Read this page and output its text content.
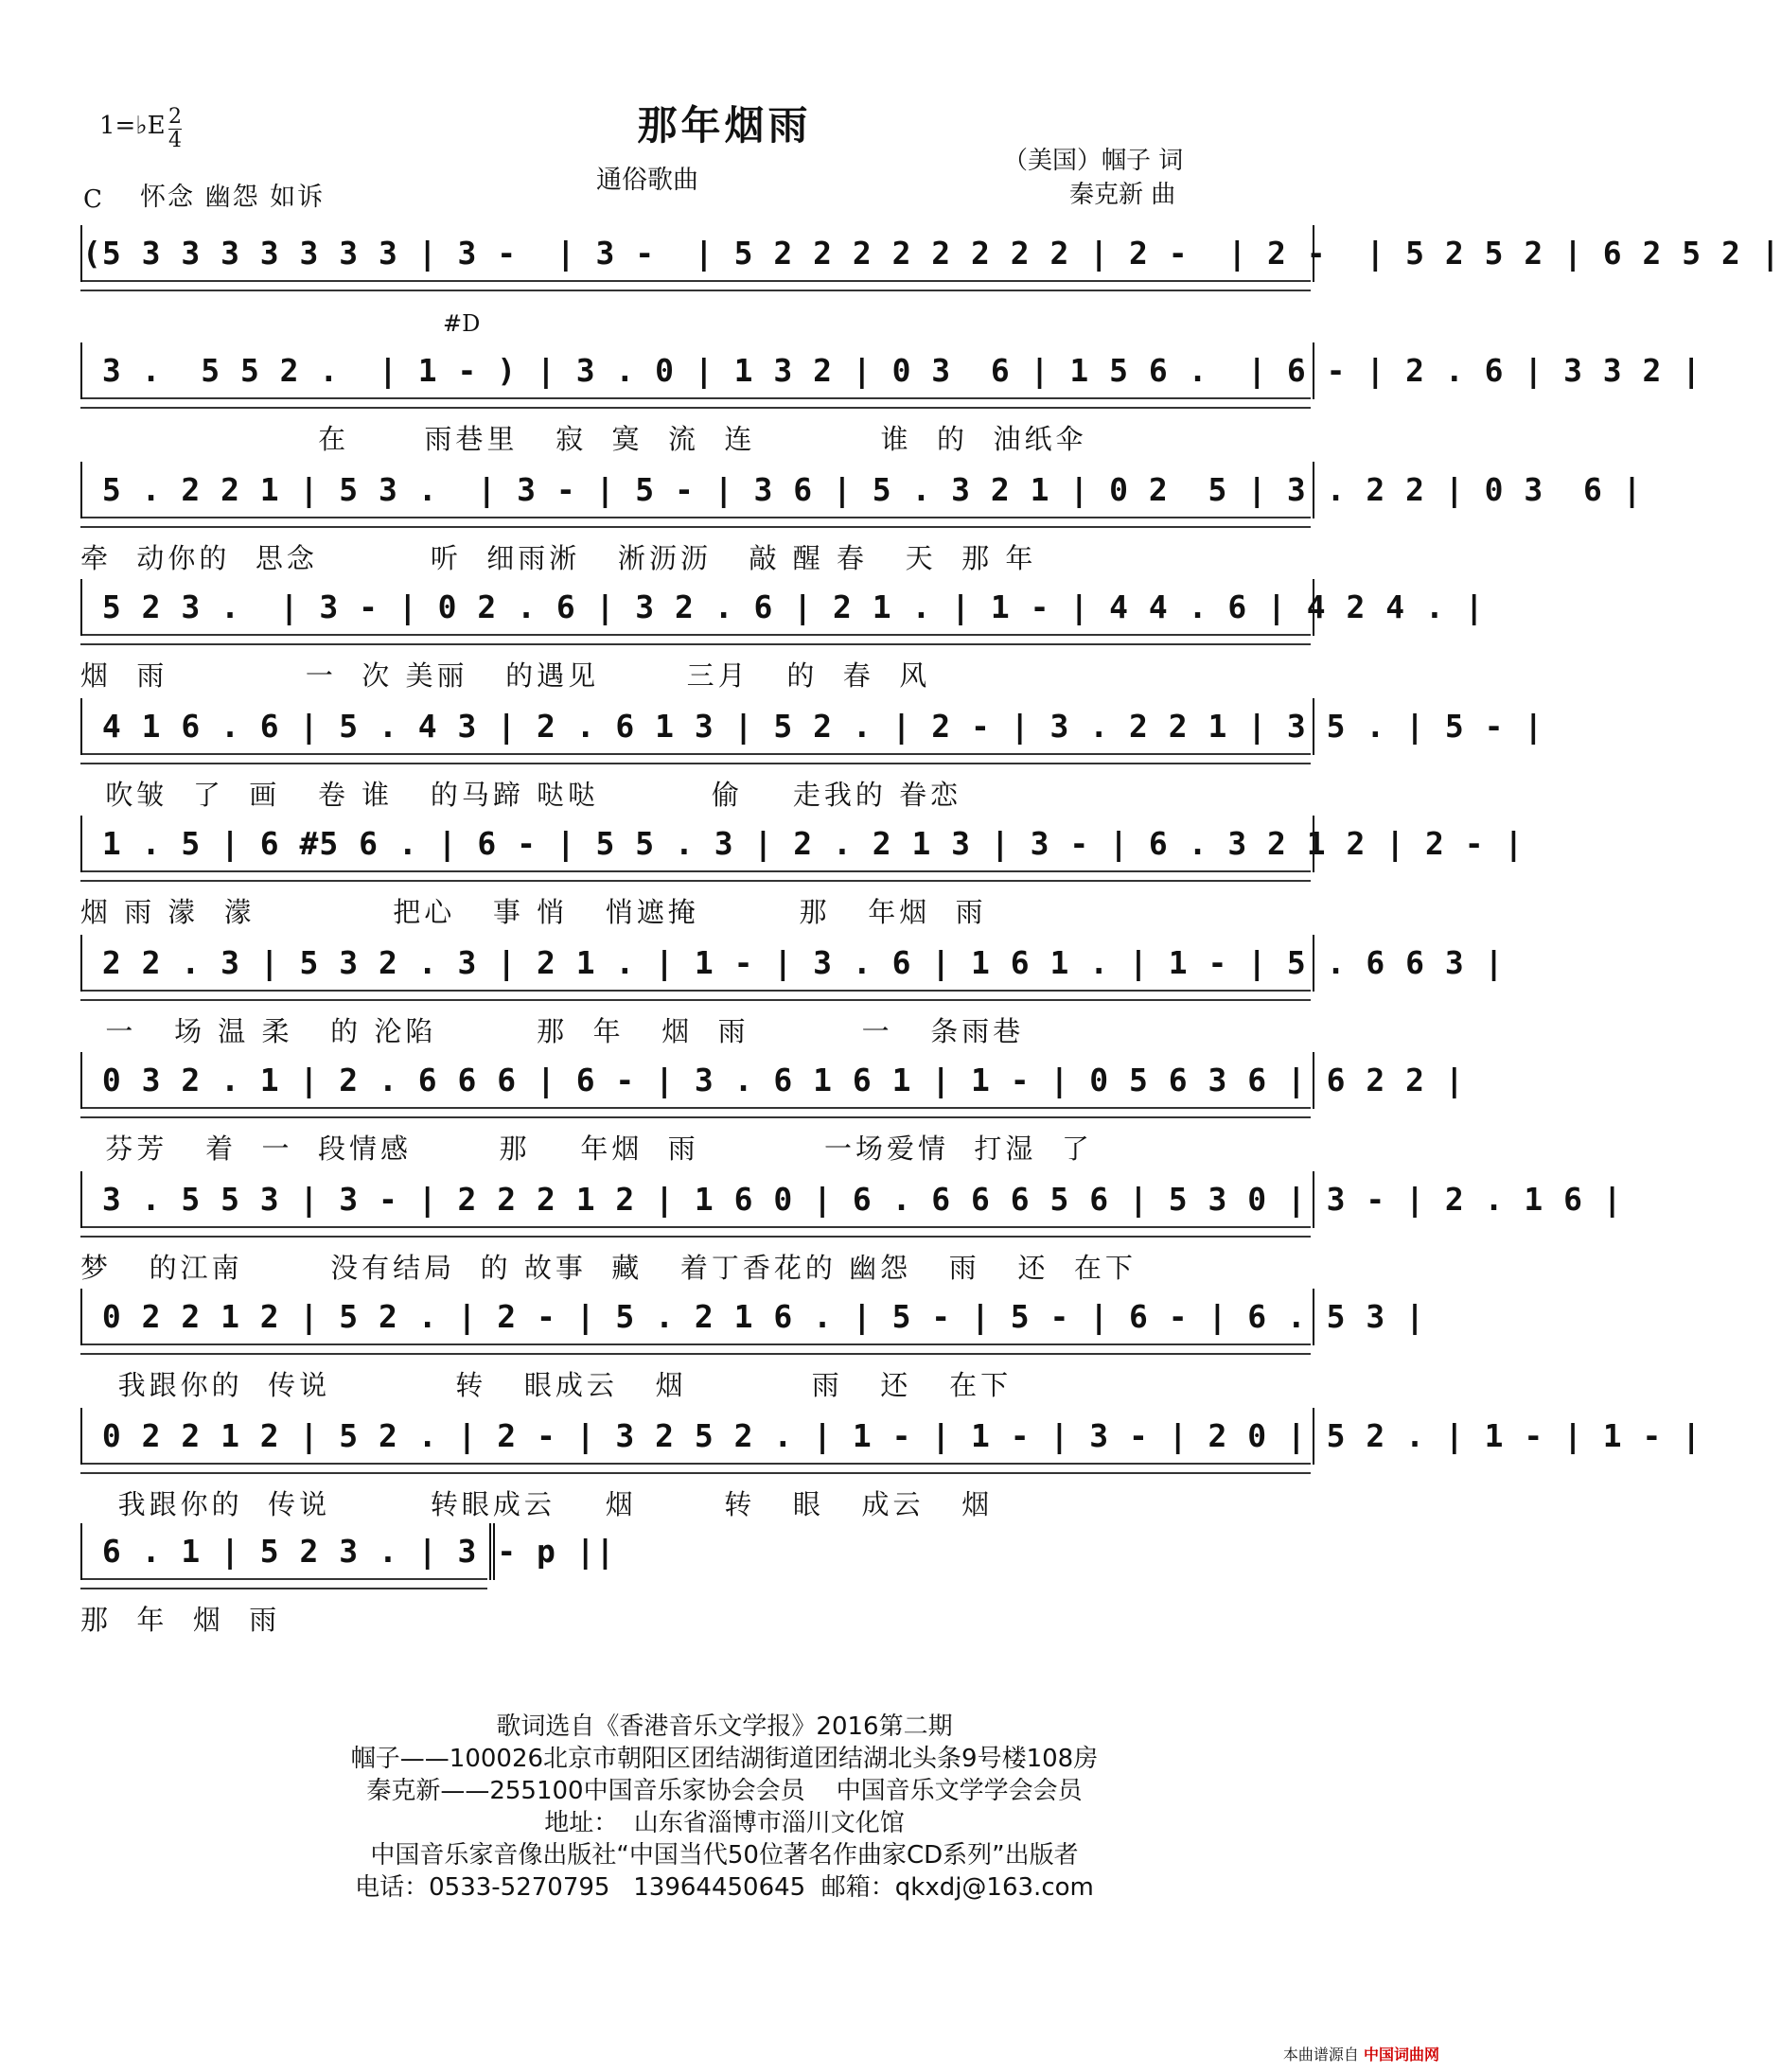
那年烟雨
1=♭E 2
4
C 怀念 幽怨 如诉
通俗歌曲
（美国）帼子 词
秦克新 曲
#D
(5 3 3 3 3 3 3 3 | 3 -  | 3 -  | 5 2 2 2 2 2 2 2 2 | 2 -  | 2 -  | 5 2 5 2 | 6 2 5 2 |
3 .  5 5 2 .  | 1 - ) | 3 . 0 | 1 3 2 | 0 3  6 | 1 5 6 .  | 6 - | 2 . 6 | 3 3 2 |
在      雨巷里   寂  寞  流  连          谁  的  油纸伞
5 . 2 2 1 | 5 3 .  | 3 - | 5 - | 3 6 | 5 . 3 2 1 | 0 2  5 | 3 . 2 2 | 0 3  6 |
牵  动你的  思念         听  细雨淅   淅沥沥   敲 醒 春   天  那 年
5 2 3 .  | 3 - | 0 2 . 6 | 3 2 . 6 | 2 1 . | 1 - | 4 4 . 6 | 4 2 4 . |
烟  雨           一  次 美丽   的遇见       三月   的  春  风
4 1 6 . 6 | 5 . 4 3 | 2 . 6 1 3 | 5 2 . | 2 - | 3 . 2 2 1 | 3 5 . | 5 - |
吹皱  了  画   卷 谁   的马蹄 哒哒         偷    走我的 眷恋
1 . 5 | 6 #5 6 . | 6 - | 5 5 . 3 | 2 . 2 1 3 | 3 - | 6 . 3 2 1 2 | 2 - |
烟 雨 濛  濛           把心   事 悄   悄遮掩        那   年烟  雨
2 2 . 3 | 5 3 2 . 3 | 2 1 . | 1 - | 3 . 6 | 1 6 1 . | 1 - | 5 . 6 6 3 |
一   场 温 柔   的 沦陷        那  年   烟  雨         一   条雨巷
0 3 2 . 1 | 2 . 6 6 6 | 6 - | 3 . 6 1 6 1 | 1 - | 0 5 6 3 6 | 6 2 2 |
芬芳   着  一  段情感       那    年烟  雨          一场爱情  打湿  了
3 . 5 5 3 | 3 - | 2 2 2 1 2 | 1 6 0 | 6 . 6 6 6 5 6 | 5 3 0 | 3 - | 2 . 1 6 |
梦   的江南       没有结局  的 故事  藏   着丁香花的 幽怨   雨   还  在下
0 2 2 1 2 | 5 2 . | 2 - | 5 . 2 1 6 . | 5 - | 5 - | 6 - | 6 . 5 3 |
我跟你的  传说          转   眼成云   烟          雨   还   在下
0 2 2 1 2 | 5 2 . | 2 - | 3 2 5 2 . | 1 - | 1 - | 3 - | 2 0 | 5 2 . | 1 - | 1 - |
我跟你的  传说        转眼成云    烟       转   眼   成云   烟
6 . 1 | 5 2 3 . | 3 - p ||
那  年  烟  雨
歌词选自《香港音乐文学报》2016第二期
帼子——100026北京市朝阳区团结湖街道团结湖北头条9号楼108房
秦克新——255100中国音乐家协会会员    中国音乐文学学会会员
地址：  山东省淄博市淄川文化馆
中国音乐家音像出版社“中国当代50位著名作曲家CD系列”出版者
电话：0533-5270795   13964450645  邮箱：qkxdj@163.com
本曲谱源自 中国词曲网
